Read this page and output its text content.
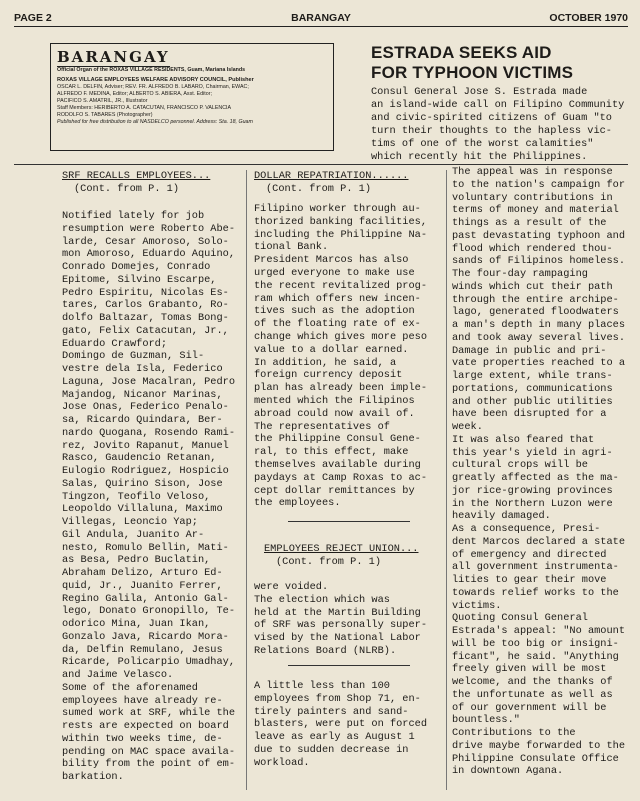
PAGE 2	BARANGAY	OCTOBER 1970
BARANGAY
Official Organ of the ROXAS VILLAGE RESIDENTS, Guam, Mariana Islands
ROXAS VILLAGE EMPLOYEES WELFARE ADVISORY COUNCIL, Publisher
OSCAR L. DELFIN, Adviser; REV. FR. ALFREDO B. LABARO, Chairman, EWAC;
ALFREDO F. MEDINA, Editor; ALBERTO S. ABIERA, Asst. Editor;
PACIFICO S. AMATRIL, JR., Illustrator
Staff Members: HERIBERTO A. CATACUTAN, FRANCISCO P. VALENCIA
RODOLFO S. TABARES (Photographer)
Published for free distribution to all NASDELCO personnel. Address: Sta. 18, Guam
ESTRADA SEEKS AID
FOR TYPHOON VICTIMS

Consul General Jose S. Estrada made

an island-wide call on Filipino Community

and civic-spirited citizens of Guam "to

turn their thoughts to the hapless vic-

tims of one of the worst calamities"

which recently hit the Philippines.

The appeal was in response

to the nation's campaign for

voluntary contributions in

terms of money and material

things as a result of the

past devastating typhoon and

flood which rendered thou-

sands of Filipinos homeless.

The four-day rampaging

winds which cut their path

through the entire archipe-

lago, generated floodwaters

a man's depth in many places

and took away several lives.

Damage in public and pri-

vate properties reached to a

large extent, while trans-

portations, communications

and other public utilities

have been disrupted for a

week.

It was also feared that

this year's yield in agri-

cultural crops will be

greatly affected as the ma-

jor rice-growing provinces

in the Northern Luzon were

heavily damaged.

As a consequence, Presi-

dent Marcos declared a state

of emergency and directed

all government instrumenta-

lities to gear their move

towards relief works to the

victims.

Quoting Consul General

Estrada's appeal: "No amount

will be too big or insigni-

ficant", he said. "Anything

freely given will be most

welcome, and the thanks of

the unfortunate as well as

of our government will be

bountless."

Contributions to the

drive maybe forwarded to the

Philippine Consulate Office

in downtown Agana.

SRF RECALLS EMPLOYEES...

(Cont. from P. 1)

Notified lately for job

resumption were Roberto Abe-

larde, Cesar Amoroso, Solo-

mon Amoroso, Eduardo Aquino,

Conrado Domejes, Conrado

Epitome, Silvino Escarpe,

Pedro Espiritu, Nicolas Es-

tares, Carlos Grabanto, Ro-

dolfo Baltazar, Tomas Bong-

gato, Felix Catacutan, Jr.,

Eduardo Crawford;

Domingo de Guzman, Sil-

vestre dela Isla, Federico

Laguna, Jose Macalran, Pedro

Majandog, Nicanor Marinas,

Jose Onas, Federico Penalo-

sa, Ricardo Quindara, Ber-

nardo Quogana, Rosendo Rami-

rez, Jovito Rapanut, Manuel

Rasco, Gaudencio Retanan,

Eulogio Rodriguez, Hospicio

Salas, Quirino Sison, Jose

Tingzon, Teofilo Veloso,

Leopoldo Villaluna, Maximo

Villegas, Leoncio Yap;

Gil Andula, Juanito Ar-

nesto, Romulo Bellin, Mati-

as Besa, Pedro Buclatin,

Abraham Delizo, Arturo Ed-

quid, Jr., Juanito Ferrer,

Regino Galila, Antonio Gal-

lego, Donato Gronopillo, Te-

odorico Mina, Juan Ikan,

Gonzalo Java, Ricardo Mora-

da, Delfin Remulano, Jesus

Ricarde, Policarpio Umadhay,

and Jaime Velasco.

Some of the aforenamed

employees have already re-

sumed work at SRF, while the

rests are expected on board

within two weeks time, de-

pending on MAC space availa-

bility from the point of em-

barkation.

DOLLAR REPATRIATION......

(Cont. from P. 1)

Filipino worker through au-

thorized banking facilities,

including the Philippine Na-

tional Bank.

President Marcos has also

urged everyone to make use

the recent revitalized prog-

ram which offers new incen-

tives such as the adoption

of the floating rate of ex-

change which gives more peso

value to a dollar earned.

In addition, he said, a

foreign currency deposit

plan has already been imple-

mented which the Filipinos

abroad could now avail of.

The representatives of

the Philippine Consul Gene-

ral, to this effect, make

themselves available during

paydays at Camp Roxas to ac-

cept dollar remittances by

the employees.

EMPLOYEES REJECT UNION...

(Cont. from P. 1)

were voided.

The election which was

held at the Martin Building

of SRF was personally super-

vised by the National Labor

Relations Board (NLRB).

A little less than 100

employees from Shop 71, en-

tirely painters and sand-

blasters, were put on forced

leave as early as August 1

due to sudden decrease in

workload.
